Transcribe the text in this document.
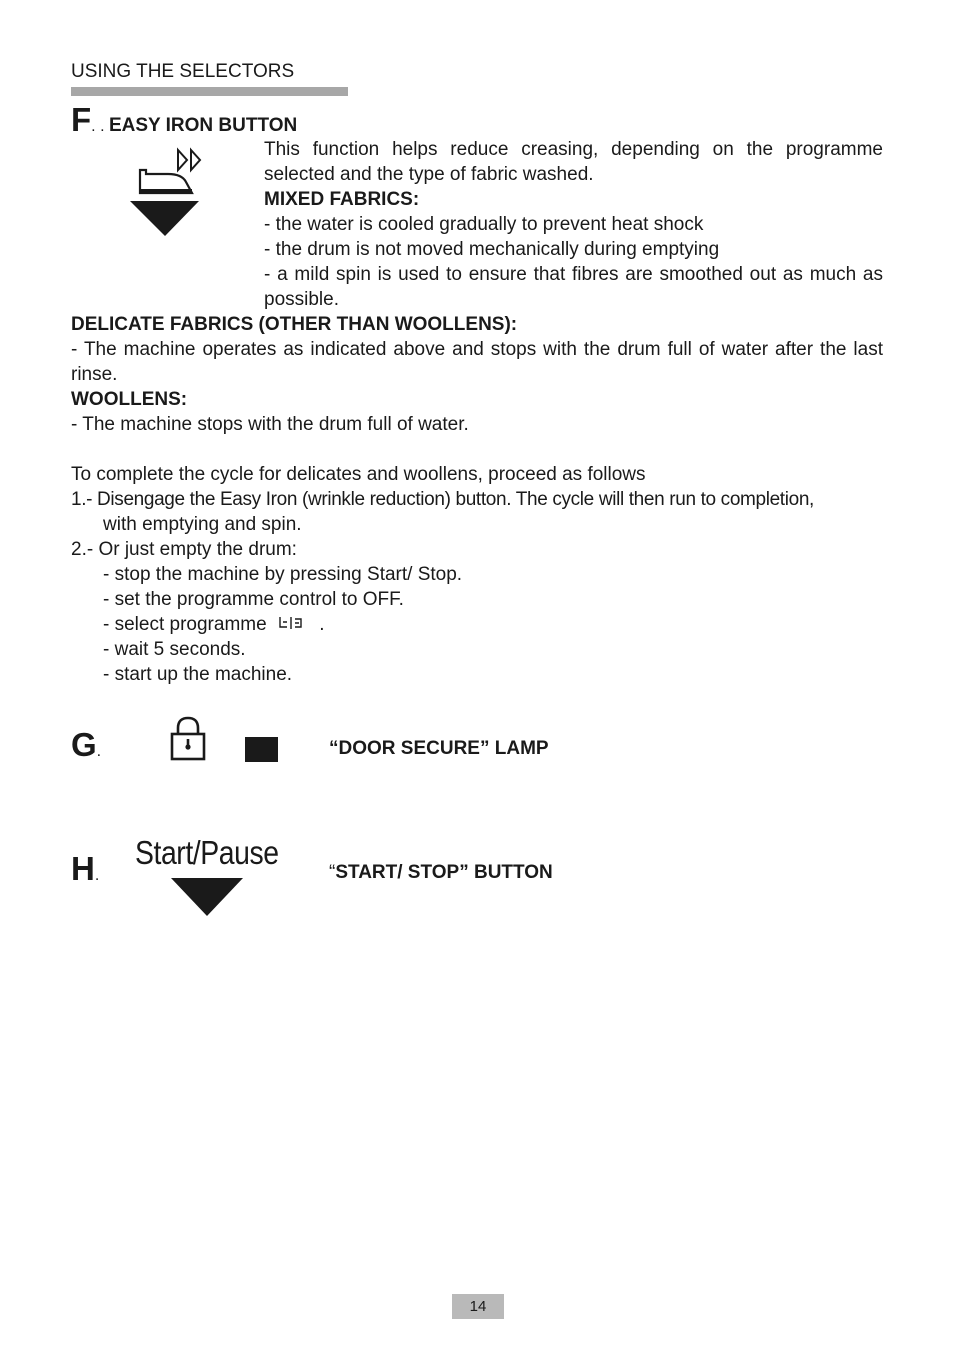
USING THE SELECTORS
F. . EASY IRON BUTTON
This function helps reduce creasing, depending on the programme selected and the type of fabric washed.
MIXED FABRICS:
- the water is cooled gradually to prevent heat shock
- the drum is not moved mechanically during emptying
- a mild spin is used to ensure that fibres are smoothed out as much as possible.
DELICATE FABRICS (OTHER THAN WOOLLENS):
- The machine operates as indicated above and stops with the drum full of water after the last rinse.
WOOLLENS:
- The machine stops with the drum full of water.
To complete the cycle for delicates and woollens, proceed as follows
1.- Disengage the Easy Iron (wrinkle reduction) button. The cycle will then run to completion,
with emptying and spin.
2.- Or just empty the drum:
- stop the machine by pressing Start/ Stop.
- set the programme control to OFF.
- select programme	.
- wait 5 seconds.
- start up the machine.
G.	“DOOR SECURE” LAMP
Start/Pause
H.	“START/ STOP” BUTTON
14
